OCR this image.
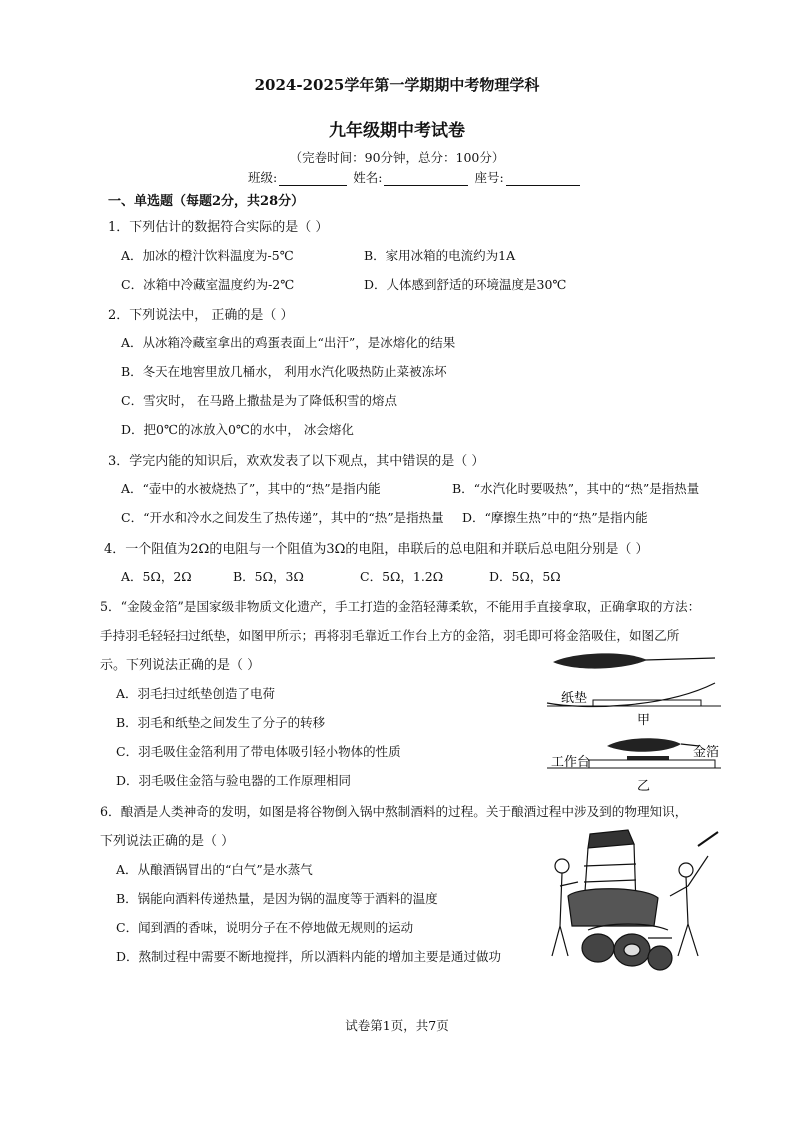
2024-2025学年第一学期期中考物理学科
九年级期中考试卷
（完卷时间：90分钟，总分：100分）
班级:	姓名:	座号:
一、单选题（每题2分，共28分）
1．下列估计的数据符合实际的是（ ）
A．加冰的橙汁饮料温度为-5℃	B．家用冰箱的电流约为1A
C．冰箱中冷藏室温度约为-2℃	D．人体感到舒适的环境温度是30℃
2．下列说法中， 正确的是（ ）
A．从冰箱冷藏室拿出的鸡蛋表面上“出汗”，是冰熔化的结果
B．冬天在地窖里放几桶水， 利用水汽化吸热防止菜被冻坏
C．雪灾时， 在马路上撒盐是为了降低积雪的熔点
D．把0℃的冰放入0℃的水中， 冰会熔化
3．学完内能的知识后，欢欢发表了以下观点，其中错误的是（ ）
A．“壶中的水被烧热了”，其中的“热”是指内能	B．“水汽化时要吸热”，其中的“热”是指热量
C．“开水和冷水之间发生了热传递”，其中的“热”是指热量 D．“摩擦生热”中的“热”是指内能
4．一个阻值为2Ω的电阻与一个阻值为3Ω的电阻，串联后的总电阻和并联后总电阻分别是（ ）
A．5Ω，2Ω	B．5Ω，3Ω	C．5Ω，1.2Ω	D．5Ω，5Ω
5．“金陵金箔”是国家级非物质文化遗产，手工打造的金箔轻薄柔软，不能用手直接拿取，正确拿取的方法：
手持羽毛轻轻扫过纸垫，如图甲所示；再将羽毛靠近工作台上方的金箔，羽毛即可将金箔吸住，如图乙所
示。下列说法正确的是（ ）
A．羽毛扫过纸垫创造了电荷
B．羽毛和纸垫之间发生了分子的转移
C．羽毛吸住金箔利用了带电体吸引轻小物体的性质
D．羽毛吸住金箔与验电器的工作原理相同
纸垫
甲
工作台
金箔
乙
6．酿酒是人类神奇的发明，如图是将谷物倒入锅中熬制酒料的过程。关于酿酒过程中涉及到的物理知识，
下列说法正确的是（ ）
A．从酿酒锅冒出的“白气”是水蒸气
B．锅能向酒料传递热量，是因为锅的温度等于酒料的温度
C．闻到酒的香味，说明分子在不停地做无规则的运动
D．熬制过程中需要不断地搅拌，所以酒料内能的增加主要是通过做功
试卷第1页，共7页
